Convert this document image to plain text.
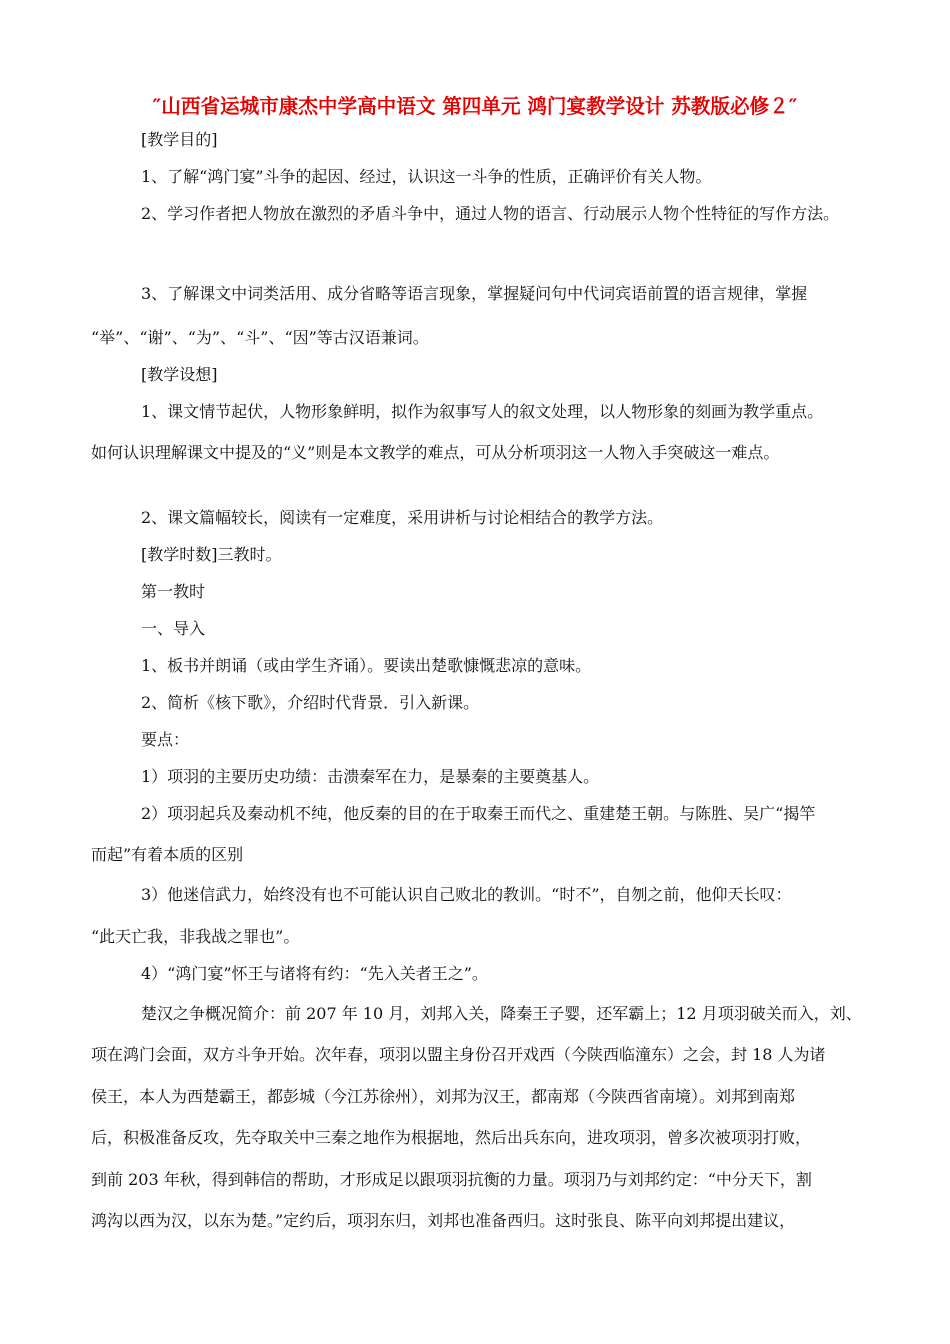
″山西省运城市康杰中学高中语文 第四单元 鸿门宴教学设计 苏教版必修２″
[教学目的]
1、了解“鸿门宴”斗争的起因、经过，认识这一斗争的性质，正确评价有关人物。
2、学习作者把人物放在激烈的矛盾斗争中，通过人物的语言、行动展示人物个性特征的写作方法。
3、了解课文中词类活用、成分省略等语言现象，掌握疑问句中代词宾语前置的语言规律，掌握
“举”、“谢”、“为”、“斗”、“因”等古汉语兼词。
[教学设想]
1、课文情节起伏，人物形象鲜明，拟作为叙事写人的叙文处理，以人物形象的刻画为教学重点。
如何认识理解课文中提及的“义”则是本文教学的难点，可从分析项羽这一人物入手突破这一难点。
2、课文篇幅较长，阅读有一定难度，采用讲析与讨论相结合的教学方法。
[教学时数]三教时。
第一教时
一、导入
1、板书并朗诵（或由学生齐诵）。要读出楚歌慷慨悲凉的意味。
2、简析《核下歌》，介绍时代背景．引入新课。
要点：
1）项羽的主要历史功绩：击溃秦军在力，是暴秦的主要奠基人。
2）项羽起兵及秦动机不纯，他反秦的目的在于取秦王而代之、重建楚王朝。与陈胜、吴广“揭竿
而起”有着本质的区别
3）他迷信武力，始终没有也不可能认识自己败北的教训。“时不”，自刎之前，他仰天长叹：
“此天亡我，非我战之罪也”。
4）“鸿门宴”怀王与诸将有约：“先入关者王之”。
楚汉之争概况简介：前 207 年 10 月，刘邦入关，降秦王子婴，还军霸上；12 月项羽破关而入，刘、
项在鸿门会面，双方斗争开始。次年春，项羽以盟主身份召开戏西（今陕西临潼东）之会，封 18 人为诸
侯王，本人为西楚霸王，都彭城（今江苏徐州），刘邦为汉王，都南郑（今陕西省南境）。刘邦到南郑
后，积极准备反攻，先夺取关中三秦之地作为根据地，然后出兵东向，进攻项羽，曾多次被项羽打败，
到前 203 年秋，得到韩信的帮助，才形成足以跟项羽抗衡的力量。项羽乃与刘邦约定：“中分天下，割
鸿沟以西为汉，以东为楚。”定约后，项羽东归，刘邦也准备西归。这时张良、陈平向刘邦提出建议，
